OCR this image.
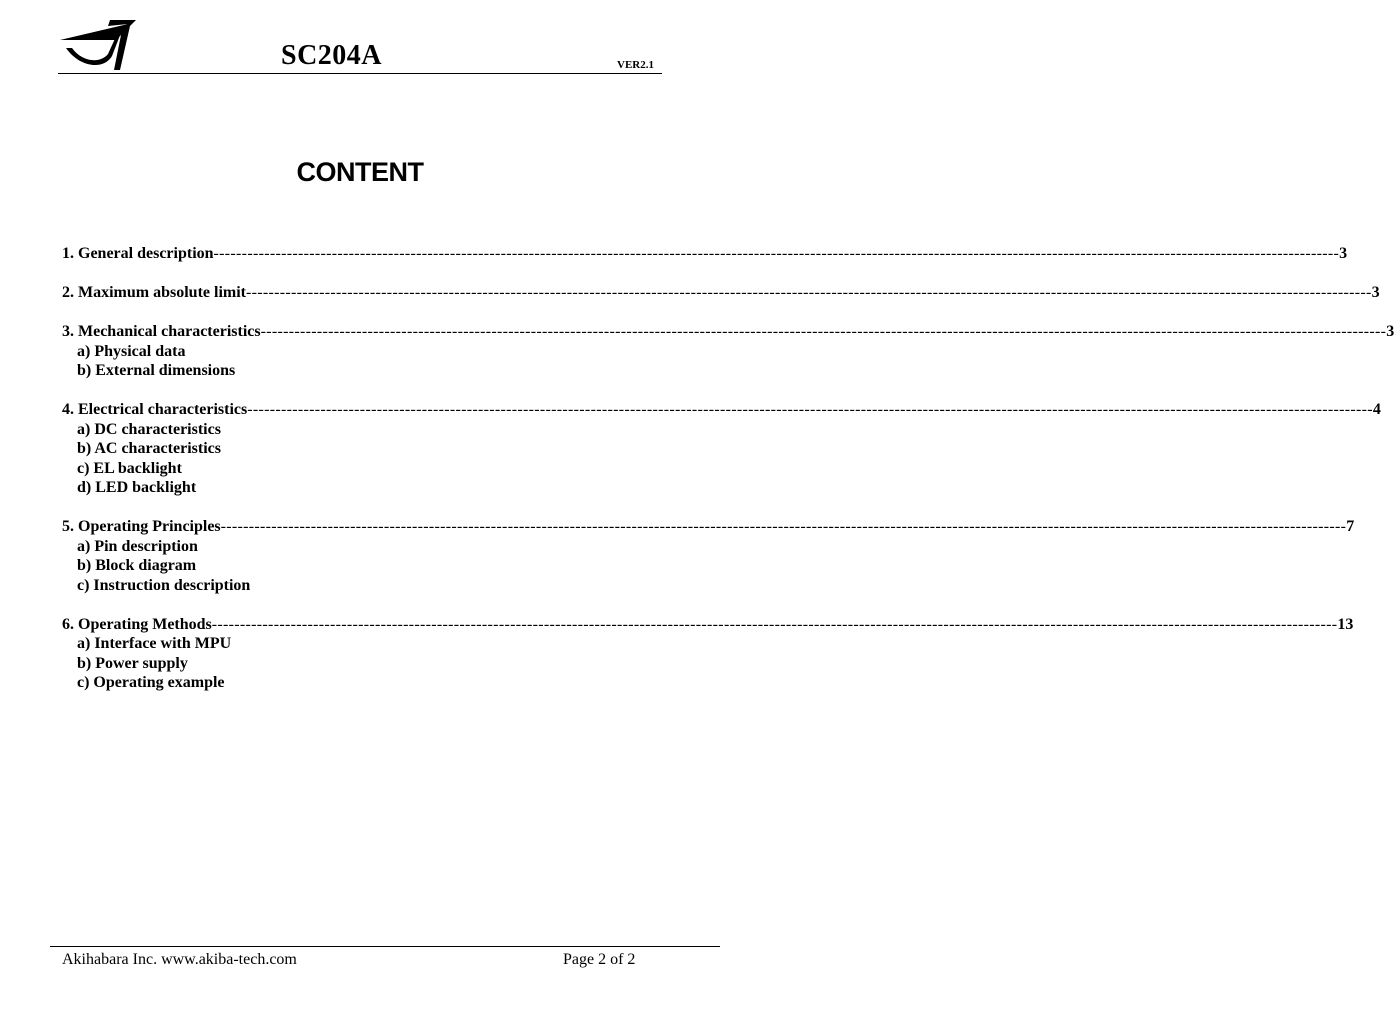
SC204A	VER2.1
CONTENT
1. General description -------------------------------------------------------------------------------------------------------------------------------------------------------------------------------------------------------- 3
2. Maximum absolute limit -------------------------------------------------------------------------------------------------------------------------------------------------------------------------------------------------------- 3
3. Mechanical characteristics -------------------------------------------------------------------------------------------------------------------------------------------------------------------------------------------------------- 3
a) Physical data
b) External dimensions
4. Electrical characteristics -------------------------------------------------------------------------------------------------------------------------------------------------------------------------------------------------------- 4
a) DC characteristics
b) AC characteristics
c) EL backlight
d) LED backlight
5. Operating Principles -------------------------------------------------------------------------------------------------------------------------------------------------------------------------------------------------------- 7
a) Pin description
b) Block diagram
c) Instruction description
6. Operating Methods -------------------------------------------------------------------------------------------------------------------------------------------------------------------------------------------------------- 13
a) Interface with MPU
b) Power supply
c) Operating example
Akihabara Inc. www.akiba-tech.com	Page 2 of 2
